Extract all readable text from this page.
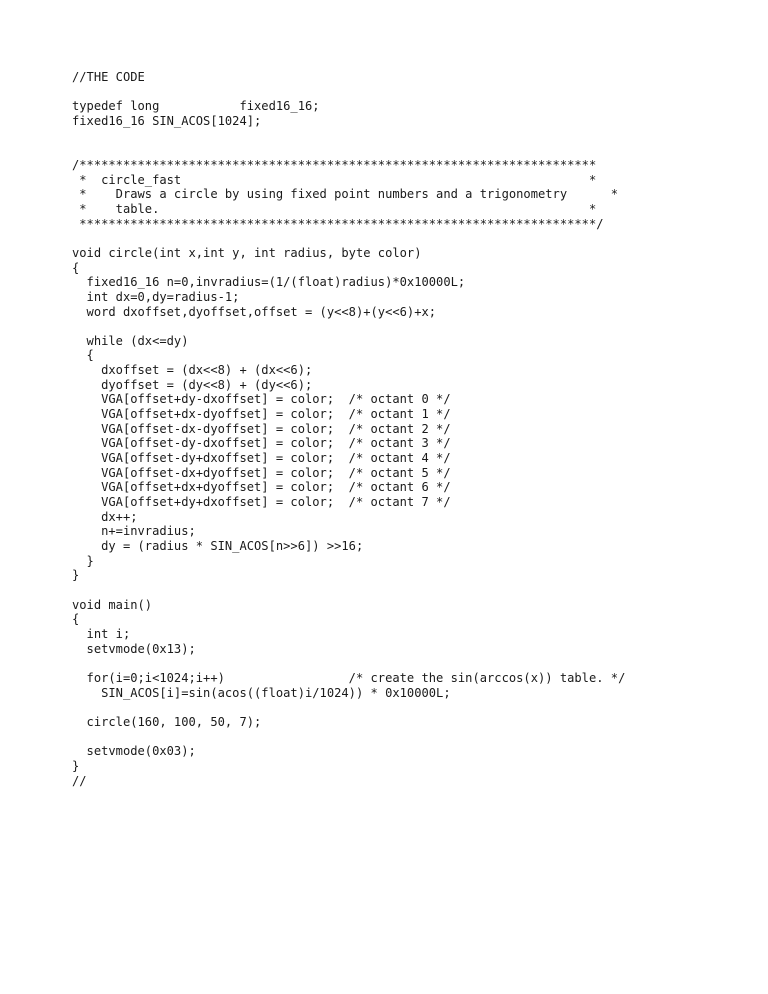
//THE CODE
typedef long           fixed16_16;
fixed16_16 SIN_ACOS[1024];
/***********************************************************************
*  circle_fast                                                        *
*    Draws a circle by using fixed point numbers and a trigonometry      *
*    table.                                                           *
***********************************************************************/
void circle(int x,int y, int radius, byte color)
{
fixed16_16 n=0,invradius=(1/(float)radius)*0x10000L;
int dx=0,dy=radius-1;
word dxoffset,dyoffset,offset = (y<<8)+(y<<6)+x;
while (dx<=dy)
{
dxoffset = (dx<<8) + (dx<<6);
dyoffset = (dy<<8) + (dy<<6);
VGA[offset+dy-dxoffset] = color;  /* octant 0 */
VGA[offset+dx-dyoffset] = color;  /* octant 1 */
VGA[offset-dx-dyoffset] = color;  /* octant 2 */
VGA[offset-dy-dxoffset] = color;  /* octant 3 */
VGA[offset-dy+dxoffset] = color;  /* octant 4 */
VGA[offset-dx+dyoffset] = color;  /* octant 5 */
VGA[offset+dx+dyoffset] = color;  /* octant 6 */
VGA[offset+dy+dxoffset] = color;  /* octant 7 */
dx++;
n+=invradius;
dy = (radius * SIN_ACOS[n>>6]) >>16;
}
}
void main()
{
int i;
setvmode(0x13);
for(i=0;i<1024;i++)                 /* create the sin(arccos(x)) table. */
SIN_ACOS[i]=sin(acos((float)i/1024)) * 0x10000L;
circle(160, 100, 50, 7);
setvmode(0x03);
}
//
